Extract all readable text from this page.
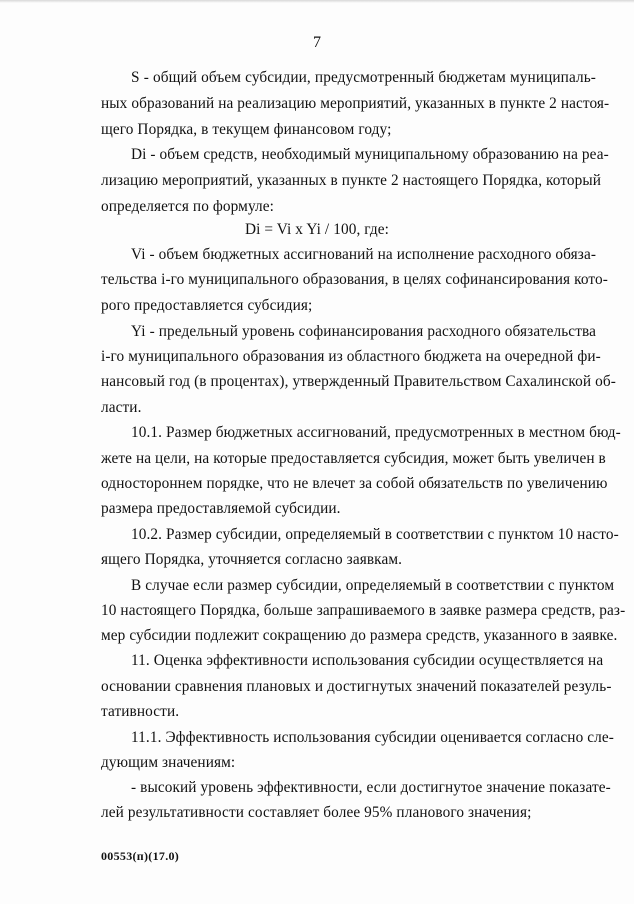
7
S - общий объем субсидии, предусмотренный бюджетам муниципаль-
ных образований на реализацию мероприятий, указанных в пункте 2 настоя-
щего Порядка, в текущем финансовом году;
Di - объем средств, необходимый муниципальному образованию на реа-
лизацию мероприятий, указанных в пункте 2 настоящего Порядка, который
определяется по формуле:
Di = Vi x Yi / 100, где:
Vi - объем бюджетных ассигнований на исполнение расходного обяза-
тельства i-го муниципального образования, в целях софинансирования кото-
рого предоставляется субсидия;
Yi - предельный уровень софинансирования расходного обязательства
i-го муниципального образования из областного бюджета на очередной фи-
нансовый год (в процентах), утвержденный Правительством Сахалинской об-
ласти.
10.1. Размер бюджетных ассигнований, предусмотренных в местном бюд-
жете на цели, на которые предоставляется субсидия, может быть увеличен в
одностороннем порядке, что не влечет за собой обязательств по увеличению
размера предоставляемой субсидии.
10.2. Размер субсидии, определяемый в соответствии с пунктом 10 насто-
ящего Порядка, уточняется согласно заявкам.
В случае если размер субсидии, определяемый в соответствии с пунктом
10 настоящего Порядка, больше запрашиваемого в заявке размера средств, раз-
мер субсидии подлежит сокращению до размера средств, указанного в заявке.
11. Оценка эффективности использования субсидии осуществляется на
основании сравнения плановых и достигнутых значений показателей резуль-
тативности.
11.1. Эффективность использования субсидии оценивается согласно сле-
дующим значениям:
- высокий уровень эффективности, если достигнутое значение показате-
лей результативности составляет более 95% планового значения;
00553(п)(17.0)
